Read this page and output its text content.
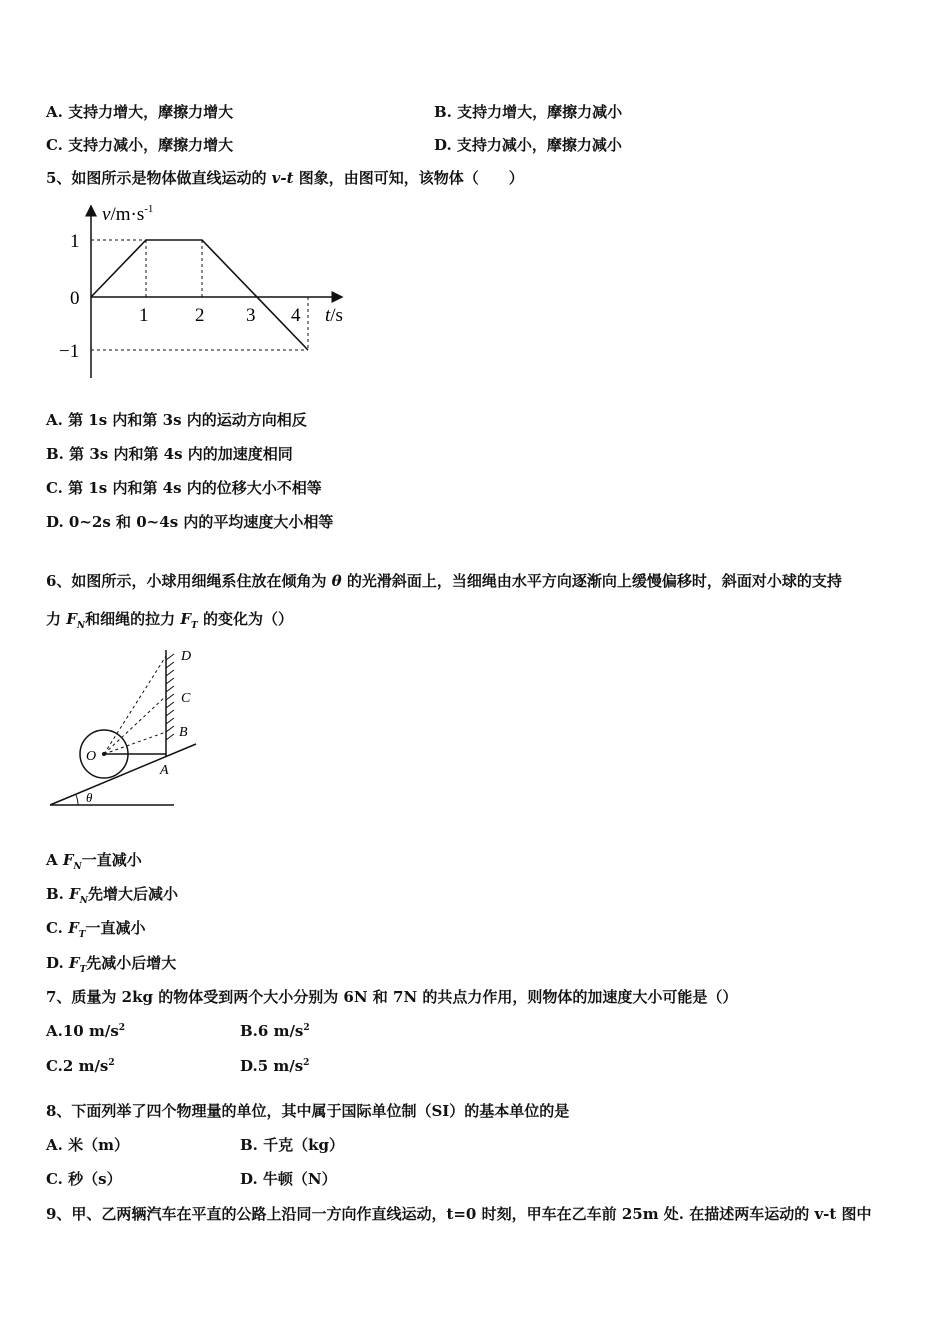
A. 支持力增大，摩擦力增大	B. 支持力增大，摩擦力减小
C. 支持力减小，摩擦力增大	D. 支持力减小，摩擦力减小
5、如图所示是物体做直线运动的 v-t 图象，由图可知，该物体（　　）
$v/m\cdot s^{-1}$
1
0
−1
1 2 3 4 t/s
A. 第 1s 内和第 3s 内的运动方向相反
B. 第 3s 内和第 4s 内的加速度相同
C. 第 1s 内和第 4s 内的位移大小不相等
D. 0~2s 和 0~4s 内的平均速度大小相等
6、如图所示，小球用细绳系住放在倾角为 θ 的光滑斜面上，当细绳由水平方向逐渐向上缓慢偏移时，斜面对小球的支持
力 $F_N$和细绳的拉力 $F_T$ 的变化为（）
O
A
B
C
D
θ
A $F_N$一直减小
B. $F_N$先增大后减小
C. $F_T$一直减小
D. $F_T$先减小后增大
7、质量为 2kg 的物体受到两个大小分别为 6N 和 7N 的共点力作用，则物体的加速度大小可能是（）
A.10 $m/s^2$	B.6 $m/s^2$
C.2 $m/s^2$	D.5 $m/s^2$
8、下面列举了四个物理量的单位，其中属于国际单位制（SI）的基本单位的是
A. 米（m）	B. 千克（kg）
C. 秒（s）	D. 牛顿（N）
9、甲、乙两辆汽车在平直的公路上沿同一方向作直线运动，t=0 时刻，甲车在乙车前 25m 处. 在描述两车运动的 v-t 图中
